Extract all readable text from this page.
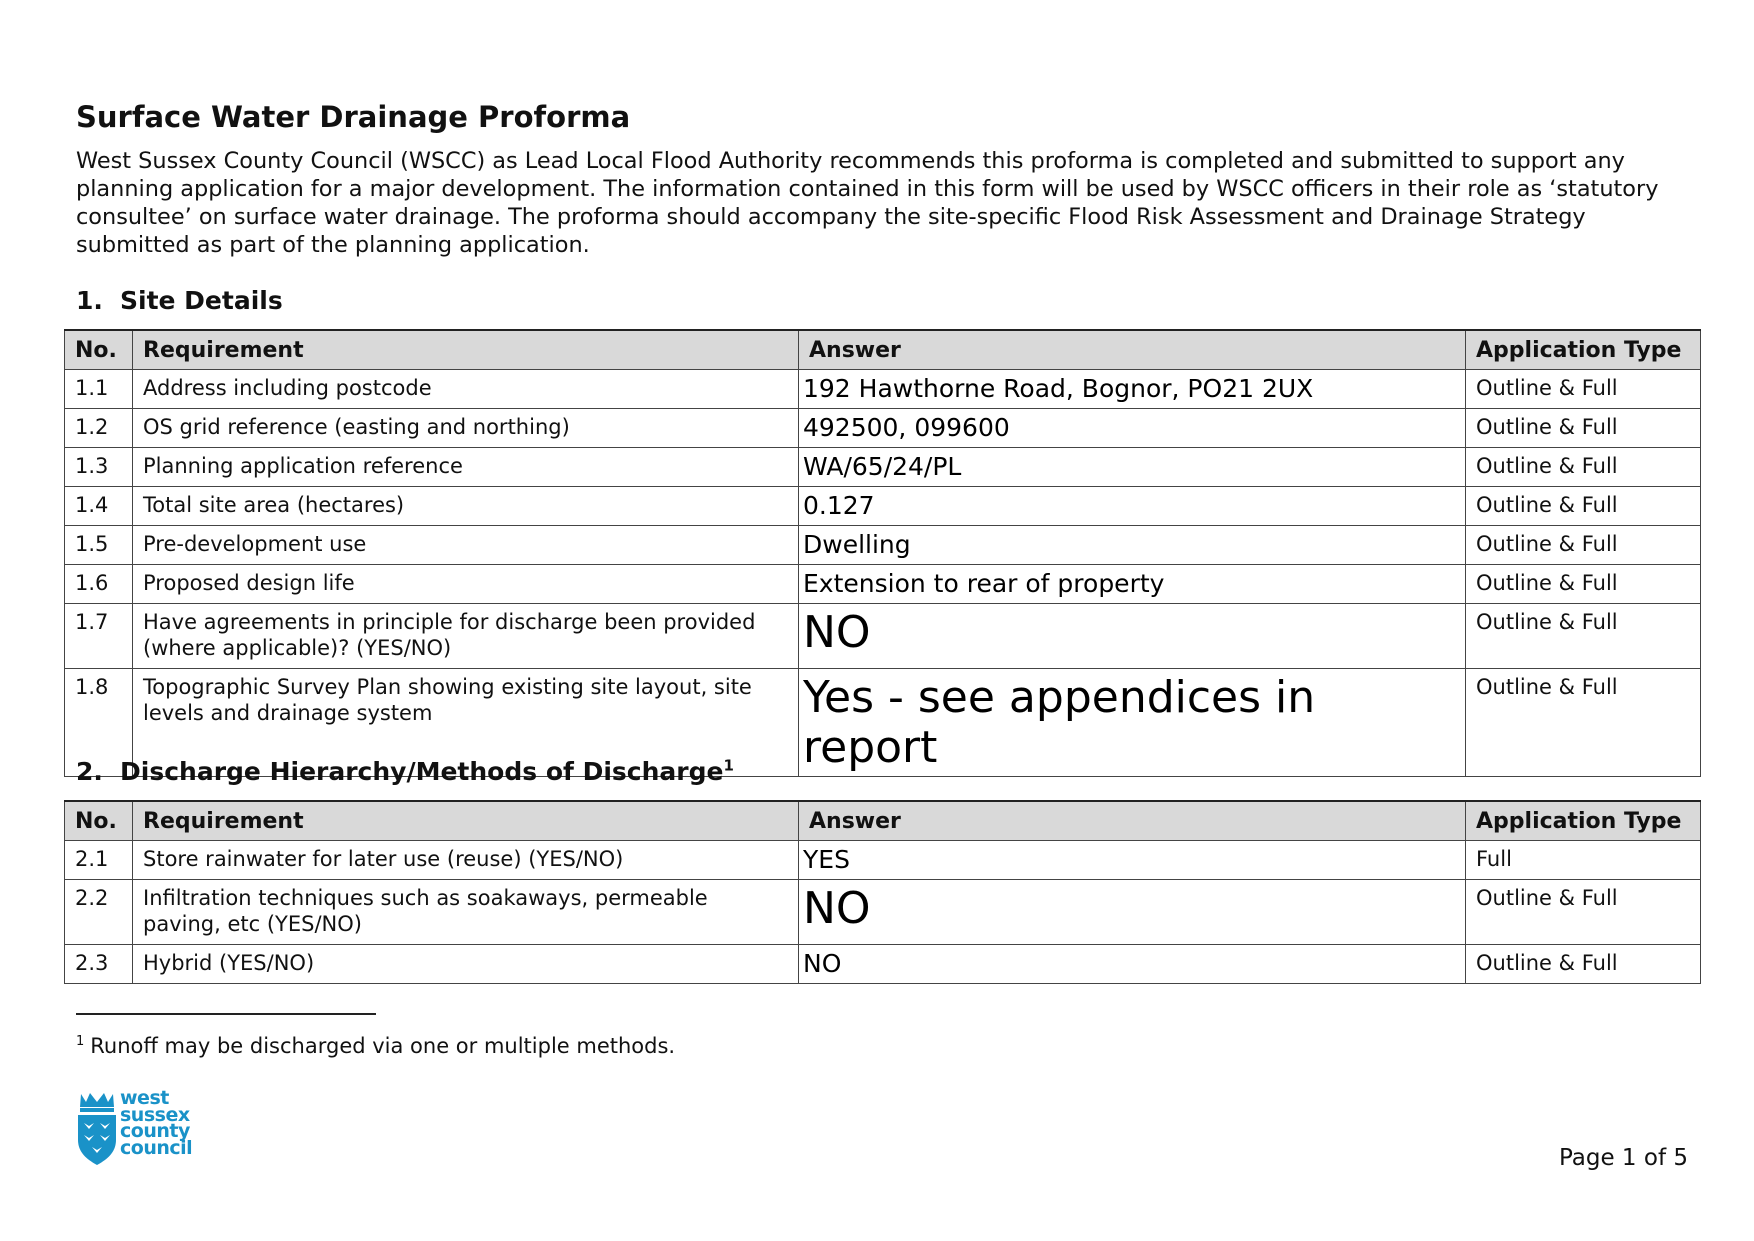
Surface Water Drainage Proforma

West Sussex County Council (WSCC) as Lead Local Flood Authority recommends this proforma is completed and submitted to support any planning application for a major development. The information contained in this form will be used by WSCC officers in their role as ‘statutory consultee’ on surface water drainage. The proforma should accompany the site-specific Flood Risk Assessment and Drainage Strategy submitted as part of the planning application.

1. Site Details
No.	Requirement	Answer	Application Type
1.1	Address including postcode	192 Hawthorne Road, Bognor, PO21 2UX	Outline & Full
1.2	OS grid reference (easting and northing)	492500, 099600	Outline & Full
1.3	Planning application reference	WA/65/24/PL	Outline & Full
1.4	Total site area (hectares)	0.127	Outline & Full
1.5	Pre-development use	Dwelling	Outline & Full
1.6	Proposed design life	Extension to rear of property	Outline & Full
1.7	Have agreements in principle for discharge been provided (where applicable)? (YES/NO)	NO	Outline & Full
1.8	Topographic Survey Plan showing existing site layout, site levels and drainage system	Yes - see appendices in report	Outline & Full
2. Discharge Hierarchy/Methods of Discharge$^1$
No.	Requirement	Answer	Application Type
2.1	Store rainwater for later use (reuse) (YES/NO)	YES	Full
2.2	Infiltration techniques such as soakaways, permeable paving, etc (YES/NO)	NO	Outline & Full
2.3	Hybrid (YES/NO)	NO	Outline & Full

$^1$ Runoff may be discharged via one or multiple methods.

west
sussex
county
council	Page 1 of 5
